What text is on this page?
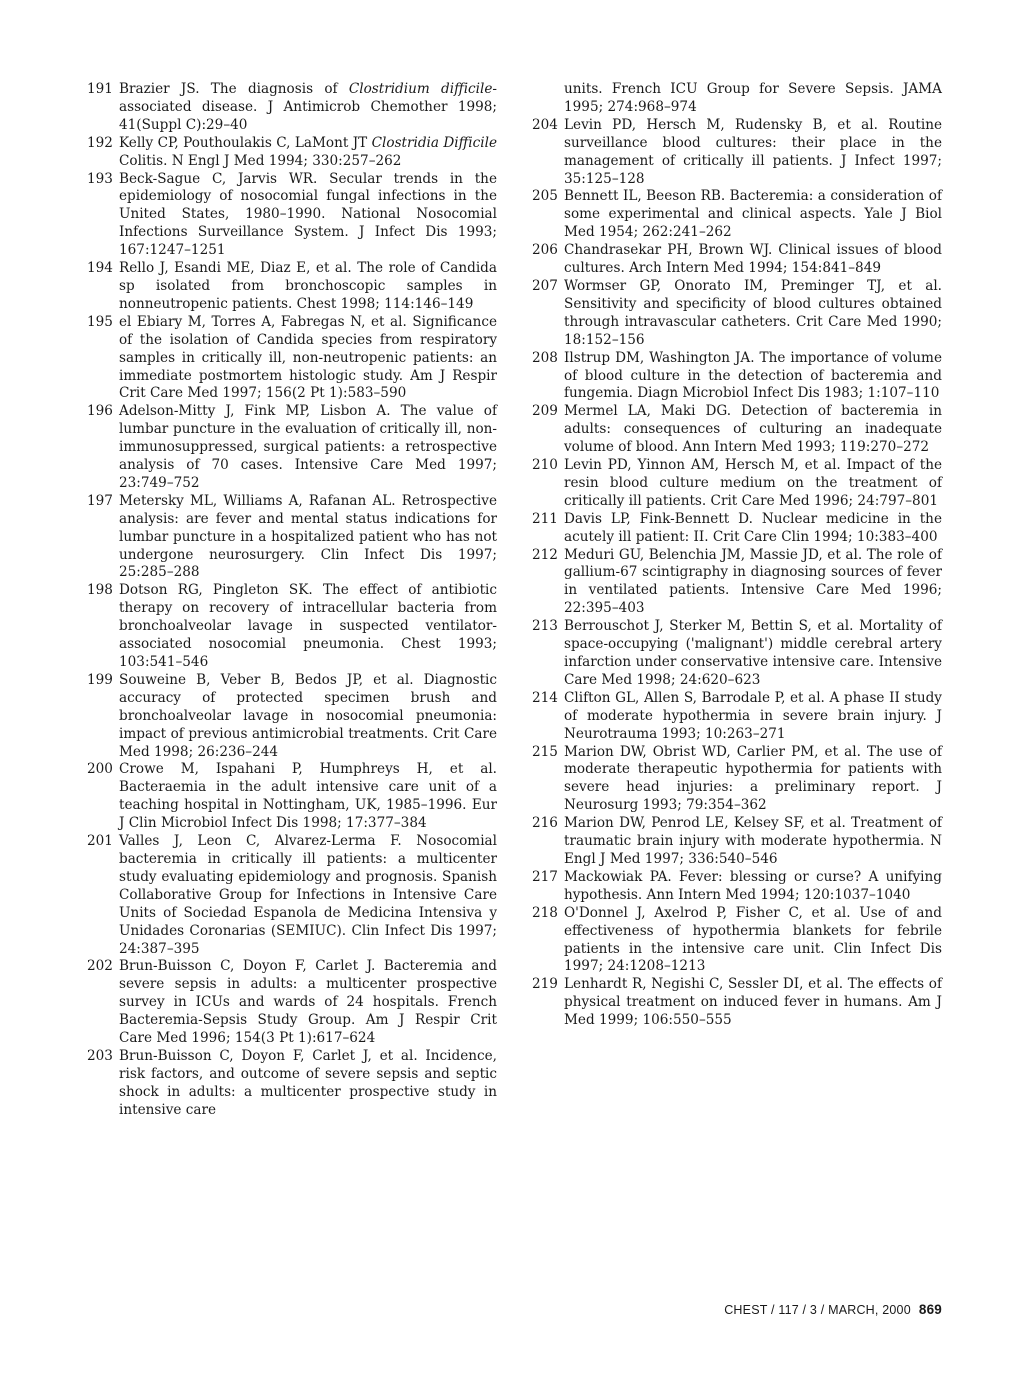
191 Brazier JS. The diagnosis of Clostridium difficile-associated disease. J Antimicrob Chemother 1998; 41(Suppl C):29–40
192 Kelly CP, Pouthoulakis C, LaMont JT Clostridia Difficile Colitis. N Engl J Med 1994; 330:257–262
193 Beck-Sague C, Jarvis WR. Secular trends in the epidemiology of nosocomial fungal infections in the United States, 1980–1990. National Nosocomial Infections Surveillance System. J Infect Dis 1993; 167:1247–1251
194 Rello J, Esandi ME, Diaz E, et al. The role of Candida sp isolated from bronchoscopic samples in nonneutropenic patients. Chest 1998; 114:146–149
195 el Ebiary M, Torres A, Fabregas N, et al. Significance of the isolation of Candida species from respiratory samples in critically ill, non-neutropenic patients: an immediate postmortem histologic study. Am J Respir Crit Care Med 1997; 156(2 Pt 1):583–590
196 Adelson-Mitty J, Fink MP, Lisbon A. The value of lumbar puncture in the evaluation of critically ill, non-immunosuppressed, surgical patients: a retrospective analysis of 70 cases. Intensive Care Med 1997; 23:749–752
197 Metersky ML, Williams A, Rafanan AL. Retrospective analysis: are fever and mental status indications for lumbar puncture in a hospitalized patient who has not undergone neurosurgery. Clin Infect Dis 1997; 25:285–288
198 Dotson RG, Pingleton SK. The effect of antibiotic therapy on recovery of intracellular bacteria from bronchoalveolar lavage in suspected ventilator- associated nosocomial pneumonia. Chest 1993; 103:541–546
199 Souweine B, Veber B, Bedos JP, et al. Diagnostic accuracy of protected specimen brush and bronchoalveolar lavage in nosocomial pneumonia: impact of previous antimicrobial treatments. Crit Care Med 1998; 26:236–244
200 Crowe M, Ispahani P, Humphreys H, et al. Bacteraemia in the adult intensive care unit of a teaching hospital in Nottingham, UK, 1985–1996. Eur J Clin Microbiol Infect Dis 1998; 17:377–384
201 Valles J, Leon C, Alvarez-Lerma F. Nosocomial bacteremia in critically ill patients: a multicenter study evaluating epidemiology and prognosis. Spanish Collaborative Group for Infections in Intensive Care Units of Sociedad Espanola de Medicina Intensiva y Unidades Coronarias (SEMIUC). Clin Infect Dis 1997; 24:387–395
202 Brun-Buisson C, Doyon F, Carlet J. Bacteremia and severe sepsis in adults: a multicenter prospective survey in ICUs and wards of 24 hospitals. French Bacteremia-Sepsis Study Group. Am J Respir Crit Care Med 1996; 154(3 Pt 1):617–624
203 Brun-Buisson C, Doyon F, Carlet J, et al. Incidence, risk factors, and outcome of severe sepsis and septic shock in adults: a multicenter prospective study in intensive care
units. French ICU Group for Severe Sepsis. JAMA 1995; 274:968–974
204 Levin PD, Hersch M, Rudensky B, et al. Routine surveillance blood cultures: their place in the management of critically ill patients. J Infect 1997; 35:125–128
205 Bennett IL, Beeson RB. Bacteremia: a consideration of some experimental and clinical aspects. Yale J Biol Med 1954; 262:241–262
206 Chandrasekar PH, Brown WJ. Clinical issues of blood cultures. Arch Intern Med 1994; 154:841–849
207 Wormser GP, Onorato IM, Preminger TJ, et al. Sensitivity and specificity of blood cultures obtained through intravascular catheters. Crit Care Med 1990; 18:152–156
208 Ilstrup DM, Washington JA. The importance of volume of blood culture in the detection of bacteremia and fungemia. Diagn Microbiol Infect Dis 1983; 1:107–110
209 Mermel LA, Maki DG. Detection of bacteremia in adults: consequences of culturing an inadequate volume of blood. Ann Intern Med 1993; 119:270–272
210 Levin PD, Yinnon AM, Hersch M, et al. Impact of the resin blood culture medium on the treatment of critically ill patients. Crit Care Med 1996; 24:797–801
211 Davis LP, Fink-Bennett D. Nuclear medicine in the acutely ill patient: II. Crit Care Clin 1994; 10:383–400
212 Meduri GU, Belenchia JM, Massie JD, et al. The role of gallium-67 scintigraphy in diagnosing sources of fever in ventilated patients. Intensive Care Med 1996; 22:395–403
213 Berrouschot J, Sterker M, Bettin S, et al. Mortality of space-occupying ('malignant') middle cerebral artery infarction under conservative intensive care. Intensive Care Med 1998; 24:620–623
214 Clifton GL, Allen S, Barrodale P, et al. A phase II study of moderate hypothermia in severe brain injury. J Neurotrauma 1993; 10:263–271
215 Marion DW, Obrist WD, Carlier PM, et al. The use of moderate therapeutic hypothermia for patients with severe head injuries: a preliminary report. J Neurosurg 1993; 79:354–362
216 Marion DW, Penrod LE, Kelsey SF, et al. Treatment of traumatic brain injury with moderate hypothermia. N Engl J Med 1997; 336:540–546
217 Mackowiak PA. Fever: blessing or curse? A unifying hypothesis. Ann Intern Med 1994; 120:1037–1040
218 O'Donnel J, Axelrod P, Fisher C, et al. Use of and effectiveness of hypothermia blankets for febrile patients in the intensive care unit. Clin Infect Dis 1997; 24:1208–1213
219 Lenhardt R, Negishi C, Sessler DI, et al. The effects of physical treatment on induced fever in humans. Am J Med 1999; 106:550–555
CHEST / 117 / 3 / MARCH, 2000 869
